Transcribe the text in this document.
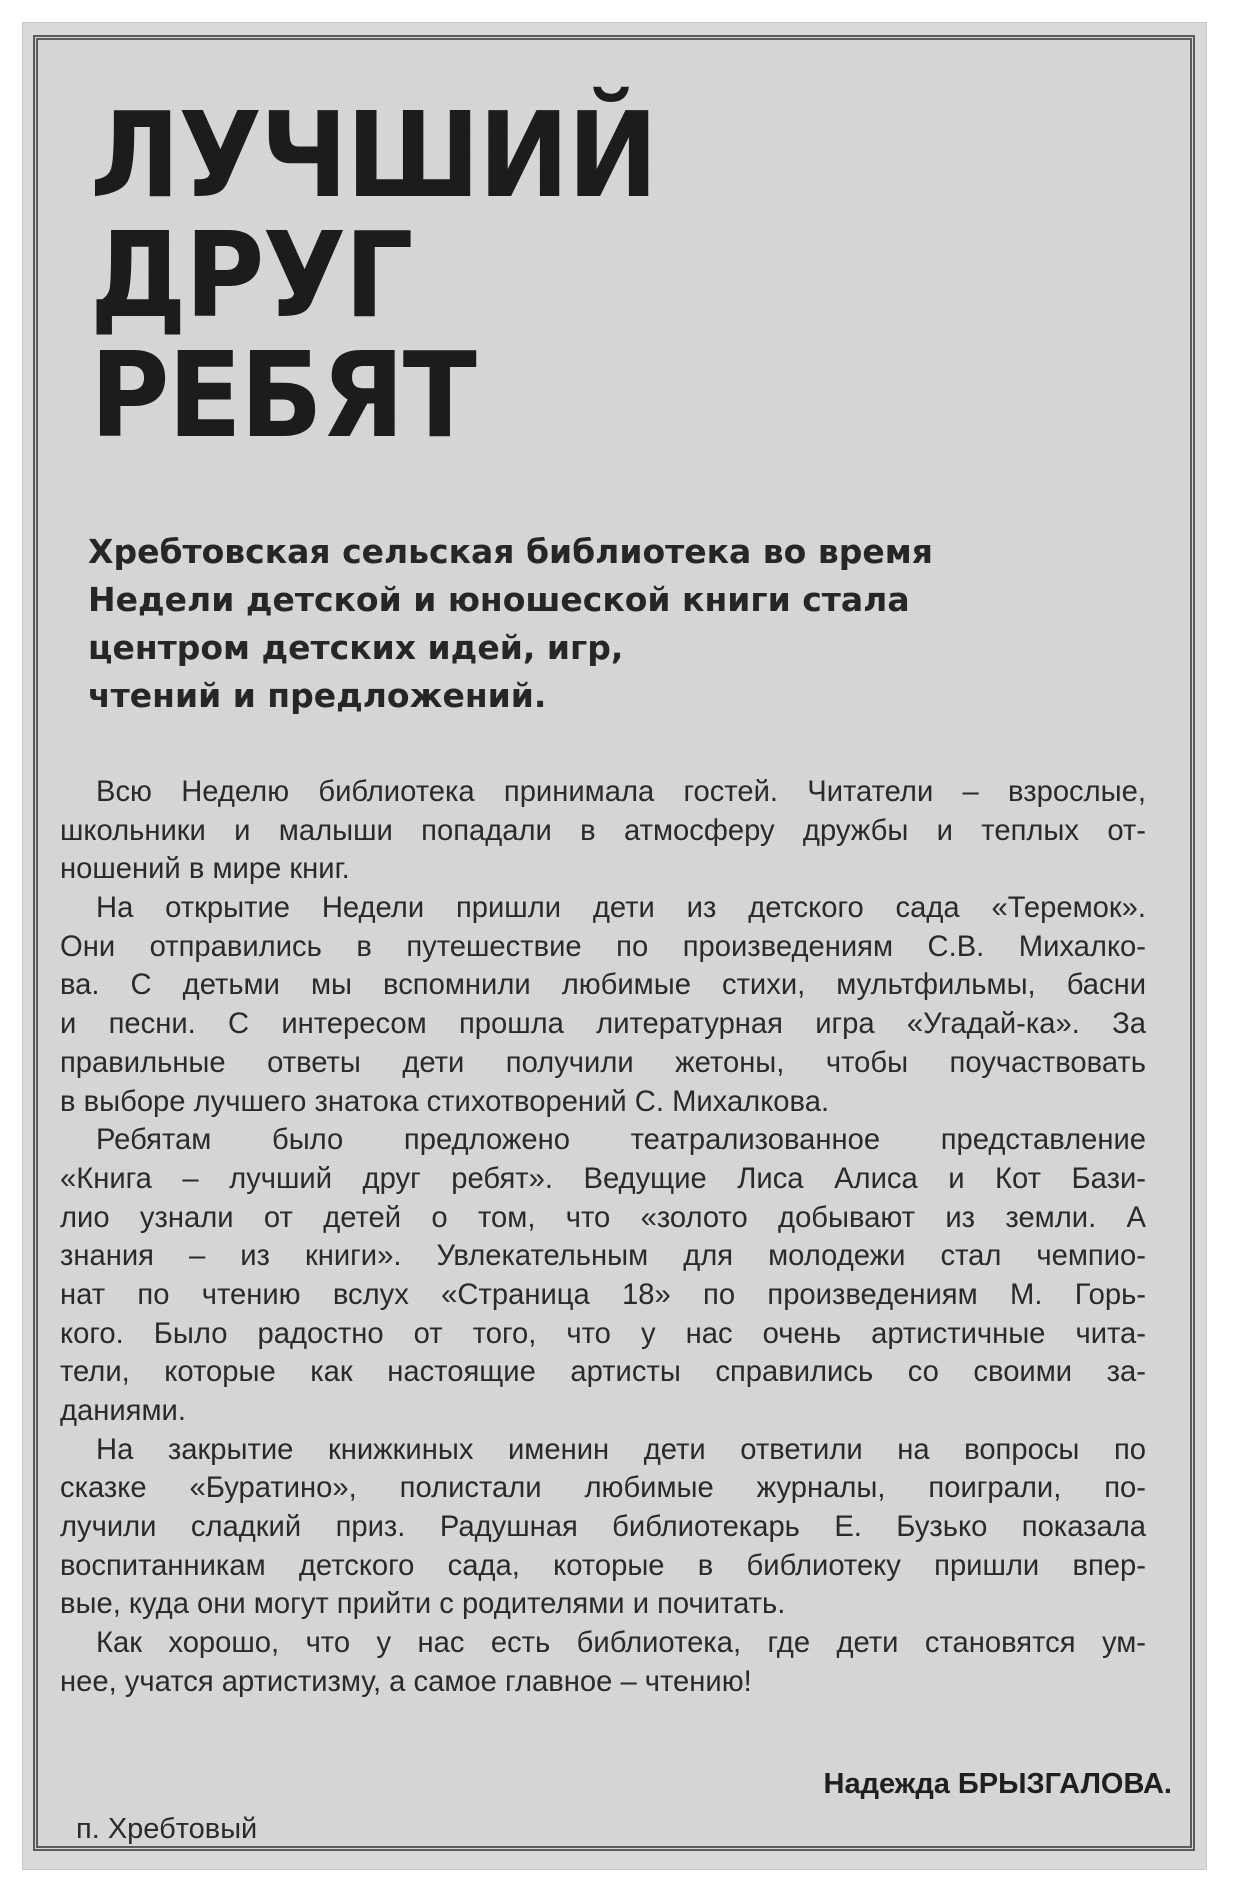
ЛУЧШИЙ
ДРУГ
РЕБЯТ
Хребтовская сельская библиотека во время
Недели детской и юношеской книги стала
центром детских идей, игр,
чтений и предложений.
Всю Неделю библиотека принимала гостей. Читатели – взрослые,
школьники и малыши попадали в атмосферу дружбы и теплых от-
ношений в мире книг.
На открытие Недели пришли дети из детского сада «Теремок».
Они отправились в путешествие по произведениям С.В. Михалко-
ва. С детьми мы вспомнили любимые стихи, мультфильмы, басни
и песни. С интересом прошла литературная игра «Угадай-ка». За
правильные ответы дети получили жетоны, чтобы поучаствовать
в выборе лучшего знатока стихотворений С. Михалкова.
Ребятам было предложено театрализованное представление
«Книга – лучший друг ребят». Ведущие Лиса Алиса и Кот Бази-
лио узнали от детей о том, что «золото добывают из земли. А
знания – из книги». Увлекательным для молодежи стал чемпио-
нат по чтению вслух «Страница 18» по произведениям М. Горь-
кого. Было радостно от того, что у нас очень артистичные чита-
тели, которые как настоящие артисты справились со своими за-
даниями.
На закрытие книжкиных именин дети ответили на вопросы по
сказке «Буратино», полистали любимые журналы, поиграли, по-
лучили сладкий приз. Радушная библиотекарь Е. Бузько показала
воспитанникам детского сада, которые в библиотеку пришли впер-
вые, куда они могут прийти с родителями и почитать.
Как хорошо, что у нас есть библиотека, где дети становятся ум-
нее, учатся артистизму, а самое главное – чтению!
Надежда БРЫЗГАЛОВА.
п. Хребтовый
